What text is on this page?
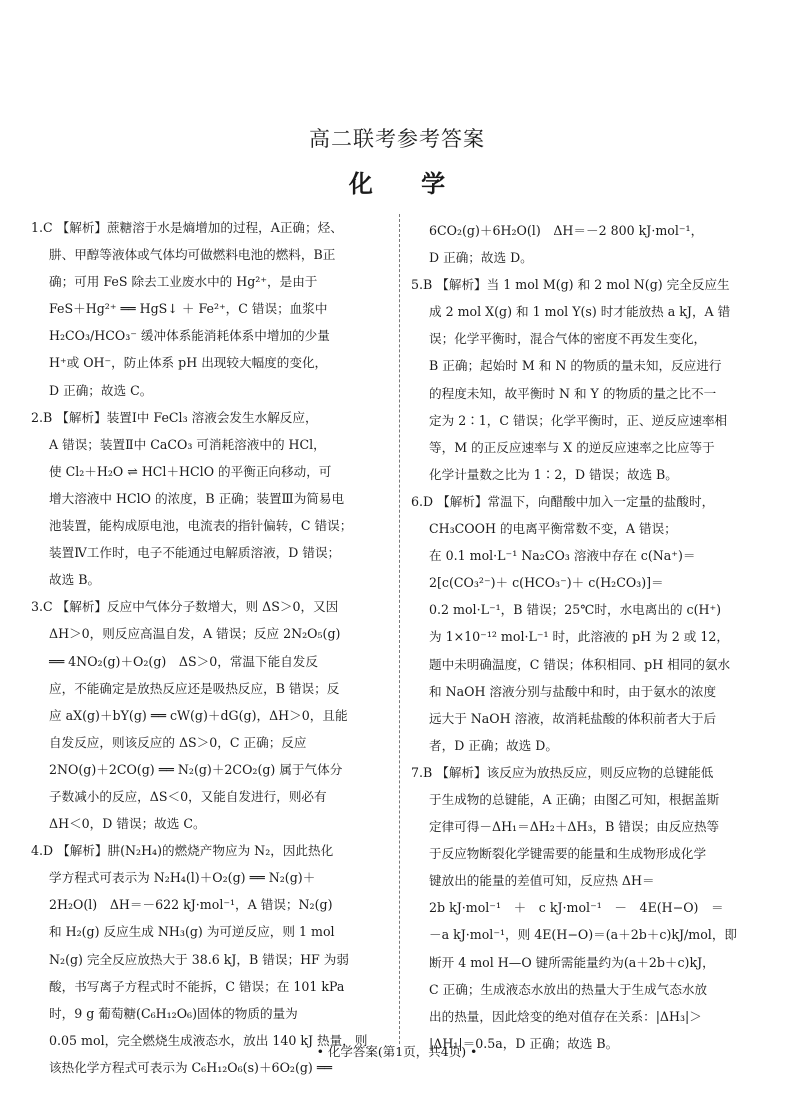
高二联考参考答案
化 学
1.C 【解析】蔗糖溶于水是熵增加的过程，A正确；烃、
肼、甲醇等液体或气体均可做燃料电池的燃料，B正
确；可用 FeS 除去工业废水中的 Hg²⁺，是由于
FeS＋Hg²⁺ ══ HgS↓ ＋ Fe²⁺，C 错误；血浆中
H₂CO₃/HCO₃⁻ 缓冲体系能消耗体系中增加的少量
H⁺或 OH⁻，防止体系 pH 出现较大幅度的变化，
D 正确；故选 C。
2.B 【解析】装置Ⅰ中 FeCl₃ 溶液会发生水解反应，
A 错误；装置Ⅱ中 CaCO₃ 可消耗溶液中的 HCl，
使 Cl₂＋H₂O ⇌ HCl＋HClO 的平衡正向移动，可
增大溶液中 HClO 的浓度，B 正确；装置Ⅲ为简易电
池装置，能构成原电池，电流表的指针偏转，C 错误；
装置Ⅳ工作时，电子不能通过电解质溶液，D 错误；
故选 B。
3.C 【解析】反应中气体分子数增大，则 ΔS＞0，又因
ΔH＞0，则反应高温自发，A 错误；反应 2N₂O₅(g)
══ 4NO₂(g)＋O₂(g)　ΔS＞0，常温下能自发反
应，不能确定是放热反应还是吸热反应，B 错误；反
应 aX(g)＋bY(g) ══ cW(g)＋dG(g)，ΔH＞0，且能
自发反应，则该反应的 ΔS＞0，C 正确；反应
2NO(g)＋2CO(g) ══ N₂(g)＋2CO₂(g) 属于气体分
子数减小的反应，ΔS＜0，又能自发进行，则必有
ΔH＜0，D 错误；故选 C。
4.D 【解析】肼(N₂H₄)的燃烧产物应为 N₂，因此热化
学方程式可表示为 N₂H₄(l)＋O₂(g) ══ N₂(g)＋
2H₂O(l)　ΔH＝－622 kJ·mol⁻¹，A 错误；N₂(g)
和 H₂(g) 反应生成 NH₃(g) 为可逆反应，则 1 mol
N₂(g) 完全反应放热大于 38.6 kJ，B 错误；HF 为弱
酸，书写离子方程式时不能拆，C 错误；在 101 kPa
时，9 g 葡萄糖(C₆H₁₂O₆)固体的物质的量为
0.05 mol，完全燃烧生成液态水，放出 140 kJ 热量，则
该热化学方程式可表示为 C₆H₁₂O₆(s)＋6O₂(g) ══
6CO₂(g)＋6H₂O(l)　ΔH＝－2 800 kJ·mol⁻¹，
D 正确；故选 D。
5.B 【解析】当 1 mol M(g) 和 2 mol N(g) 完全反应生
成 2 mol X(g) 和 1 mol Y(s) 时才能放热 a kJ，A 错
误；化学平衡时，混合气体的密度不再发生变化，
B 正确；起始时 M 和 N 的物质的量未知，反应进行
的程度未知，故平衡时 N 和 Y 的物质的量之比不一
定为 2∶1，C 错误；化学平衡时，正、逆反应速率相
等，M 的正反应速率与 X 的逆反应速率之比应等于
化学计量数之比为 1∶2，D 错误；故选 B。
6.D 【解析】常温下，向醋酸中加入一定量的盐酸时，
CH₃COOH 的电离平衡常数不变，A 错误；
在 0.1 mol·L⁻¹ Na₂CO₃ 溶液中存在 c(Na⁺)＝
2[c(CO₃²⁻)＋ c(HCO₃⁻)＋ c(H₂CO₃)]＝
0.2 mol·L⁻¹，B 错误；25℃时，水电离出的 c(H⁺)
为 1×10⁻¹² mol·L⁻¹ 时，此溶液的 pH 为 2 或 12，
题中未明确温度，C 错误；体积相同、pH 相同的氨水
和 NaOH 溶液分别与盐酸中和时，由于氨水的浓度
远大于 NaOH 溶液，故消耗盐酸的体积前者大于后
者，D 正确；故选 D。
7.B 【解析】该反应为放热反应，则反应物的总键能低
于生成物的总键能，A 正确；由图乙可知，根据盖斯
定律可得－ΔH₁＝ΔH₂＋ΔH₃，B 错误；由反应热等
于反应物断裂化学键需要的能量和生成物形成化学
键放出的能量的差值可知，反应热 ΔH＝
2b kJ·mol⁻¹　＋　c kJ·mol⁻¹　－　4E(H−O)　＝
－a kJ·mol⁻¹，则 4E(H−O)＝(a＋2b＋c)kJ/mol，即
断开 4 mol H—O 键所需能量约为(a＋2b＋c)kJ，
C 正确；生成液态水放出的热量大于生成气态水放
出的热量，因此焓变的绝对值存在关系：|ΔH₃|＞
|ΔH₁|＝0.5a，D 正确；故选 B。
• 化学答案(第1页，共4页) •
